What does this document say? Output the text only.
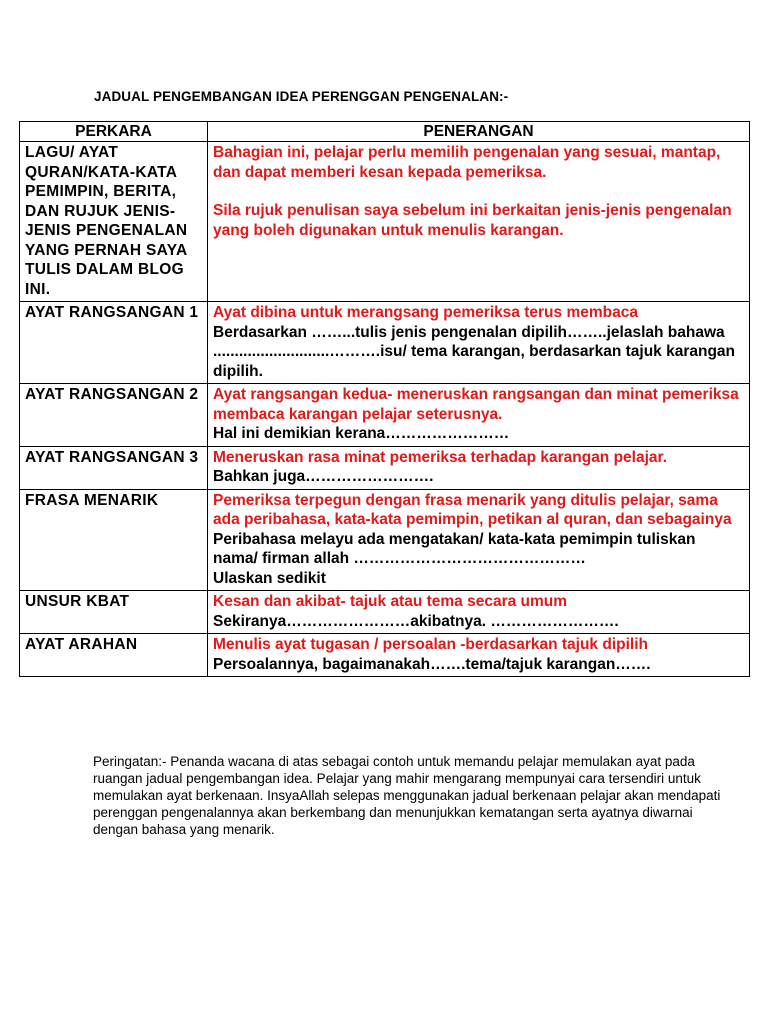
JADUAL PENGEMBANGAN IDEA PERENGGAN PENGENALAN:-
PERKARA	PENERANGAN
LAGU/ AYAT QURAN/KATA-KATA PEMIMPIN, BERITA, DAN RUJUK JENIS-JENIS PENGENALAN YANG PERNAH SAYA TULIS DALAM BLOG INI.	Bahagian ini, pelajar perlu memilih pengenalan yang sesuai, mantap, dan dapat memberi kesan kepada pemeriksa.

Sila rujuk penulisan saya sebelum ini berkaitan jenis-jenis pengenalan yang boleh digunakan untuk menulis karangan.

AYAT RANGSANGAN 1	Ayat dibina untuk merangsang pemeriksa terus membaca

Berdasarkan ……...tulis jenis pengenalan dipilih……..jelaslah bahawa ...........................……….isu/ tema karangan, berdasarkan tajuk karangan dipilih.

AYAT RANGSANGAN 2	Ayat rangsangan kedua- meneruskan rangsangan dan minat pemeriksa membaca karangan pelajar seterusnya.

Hal ini demikian kerana……………………

AYAT RANGSANGAN 3	Meneruskan rasa minat pemeriksa terhadap karangan pelajar.

Bahkan juga…………………….

FRASA MENARIK	Pemeriksa terpegun dengan frasa menarik yang ditulis pelajar, sama ada peribahasa, kata-kata pemimpin, petikan al quran, dan sebagainya

Peribahasa melayu ada mengatakan/ kata-kata pemimpin tuliskan nama/ firman allah ………………………………………

Ulaskan sedikit

UNSUR KBAT	Kesan dan akibat- tajuk atau tema secara umum

Sekiranya……………………akibatnya. …………………….

AYAT ARAHAN	Menulis ayat tugasan / persoalan -berdasarkan tajuk dipilih

Persoalannya, bagaimanakah…….tema/tajuk karangan…….

Peringatan:- Penanda wacana di atas sebagai contoh untuk memandu pelajar memulakan ayat pada ruangan jadual pengembangan idea. Pelajar yang mahir mengarang mempunyai cara tersendiri untuk memulakan ayat berkenaan. InsyaAllah selepas menggunakan jadual berkenaan pelajar akan mendapati perenggan pengenalannya akan berkembang dan menunjukkan kematangan serta ayatnya diwarnai dengan bahasa yang menarik.
